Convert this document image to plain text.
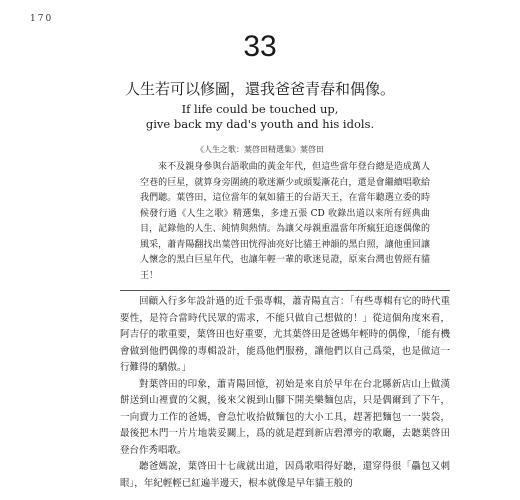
170
33
人生若可以修圖，還我爸爸青春和偶像。
If life could be touched up,
give back my dad's youth and his idols.
《人生之歌：葉啓田精選集》葉啓田

來不及親身參與台語歌曲的黃金年代，但這些當年登台總是造成萬人空巷的巨星，就算身旁圍繞的歌迷漸少或頭髮漸花白，還是會繼續唱歌給我們聽。葉啓田，這位當年的氣如貓王的台語天王，在當年聽選立委的時候發行過《人生之歌》精選集，多達五張 CD 收錄出道以來所有經典曲目，記錄他的人生、純情與熱情。為讓父母親重溫當年所瘋狂追逐偶像的風采，蕭青陽翻找出葉啓田恍得油亮好比貓王神韻的黑白照，讓他重回讓人懷念的黑白巨星年代，也讓年輕一輩的歌迷見證，原來台灣也曾經有貓王！

回顧入行多年設計過的近千張專輯，蕭青陽直言：「有些專輯有它的時代重要性，是符合當時代民眾的需求，不能只做自己想做的！」從這個角度來看，阿吉仔的歌重要，葉啓田也好重要，尤其葉啓田是爸媽年輕時的偶像，「能有機會做到他們偶像的專輯設計，能爲他們服務，讓他們以自己爲榮，也是做這一行難得的驕傲。」

對葉啓田的印象，蕭青陽回憶，初始是來自於早年在台北縣新店山上做漢餅送到山裡賣的父親，後來父親到山腳下開美樂麵包店，只是偶爾到了下午，一向賣力工作的爸媽，會急忙收拾做麵包的大小工具，趕著把麵包一一裝袋，最後把木門一片片地裝妥關上，爲的就是趕到新店碧潭旁的歌廳，去聽葉啓田登台作秀唱歌。

聽爸媽說，葉啓田十七歲就出道，因爲歌唱得好聽，還穿得很「驫包又刺眼」，年紀輕輕已紅遍半邊天，根本就像是早年貓王般的
